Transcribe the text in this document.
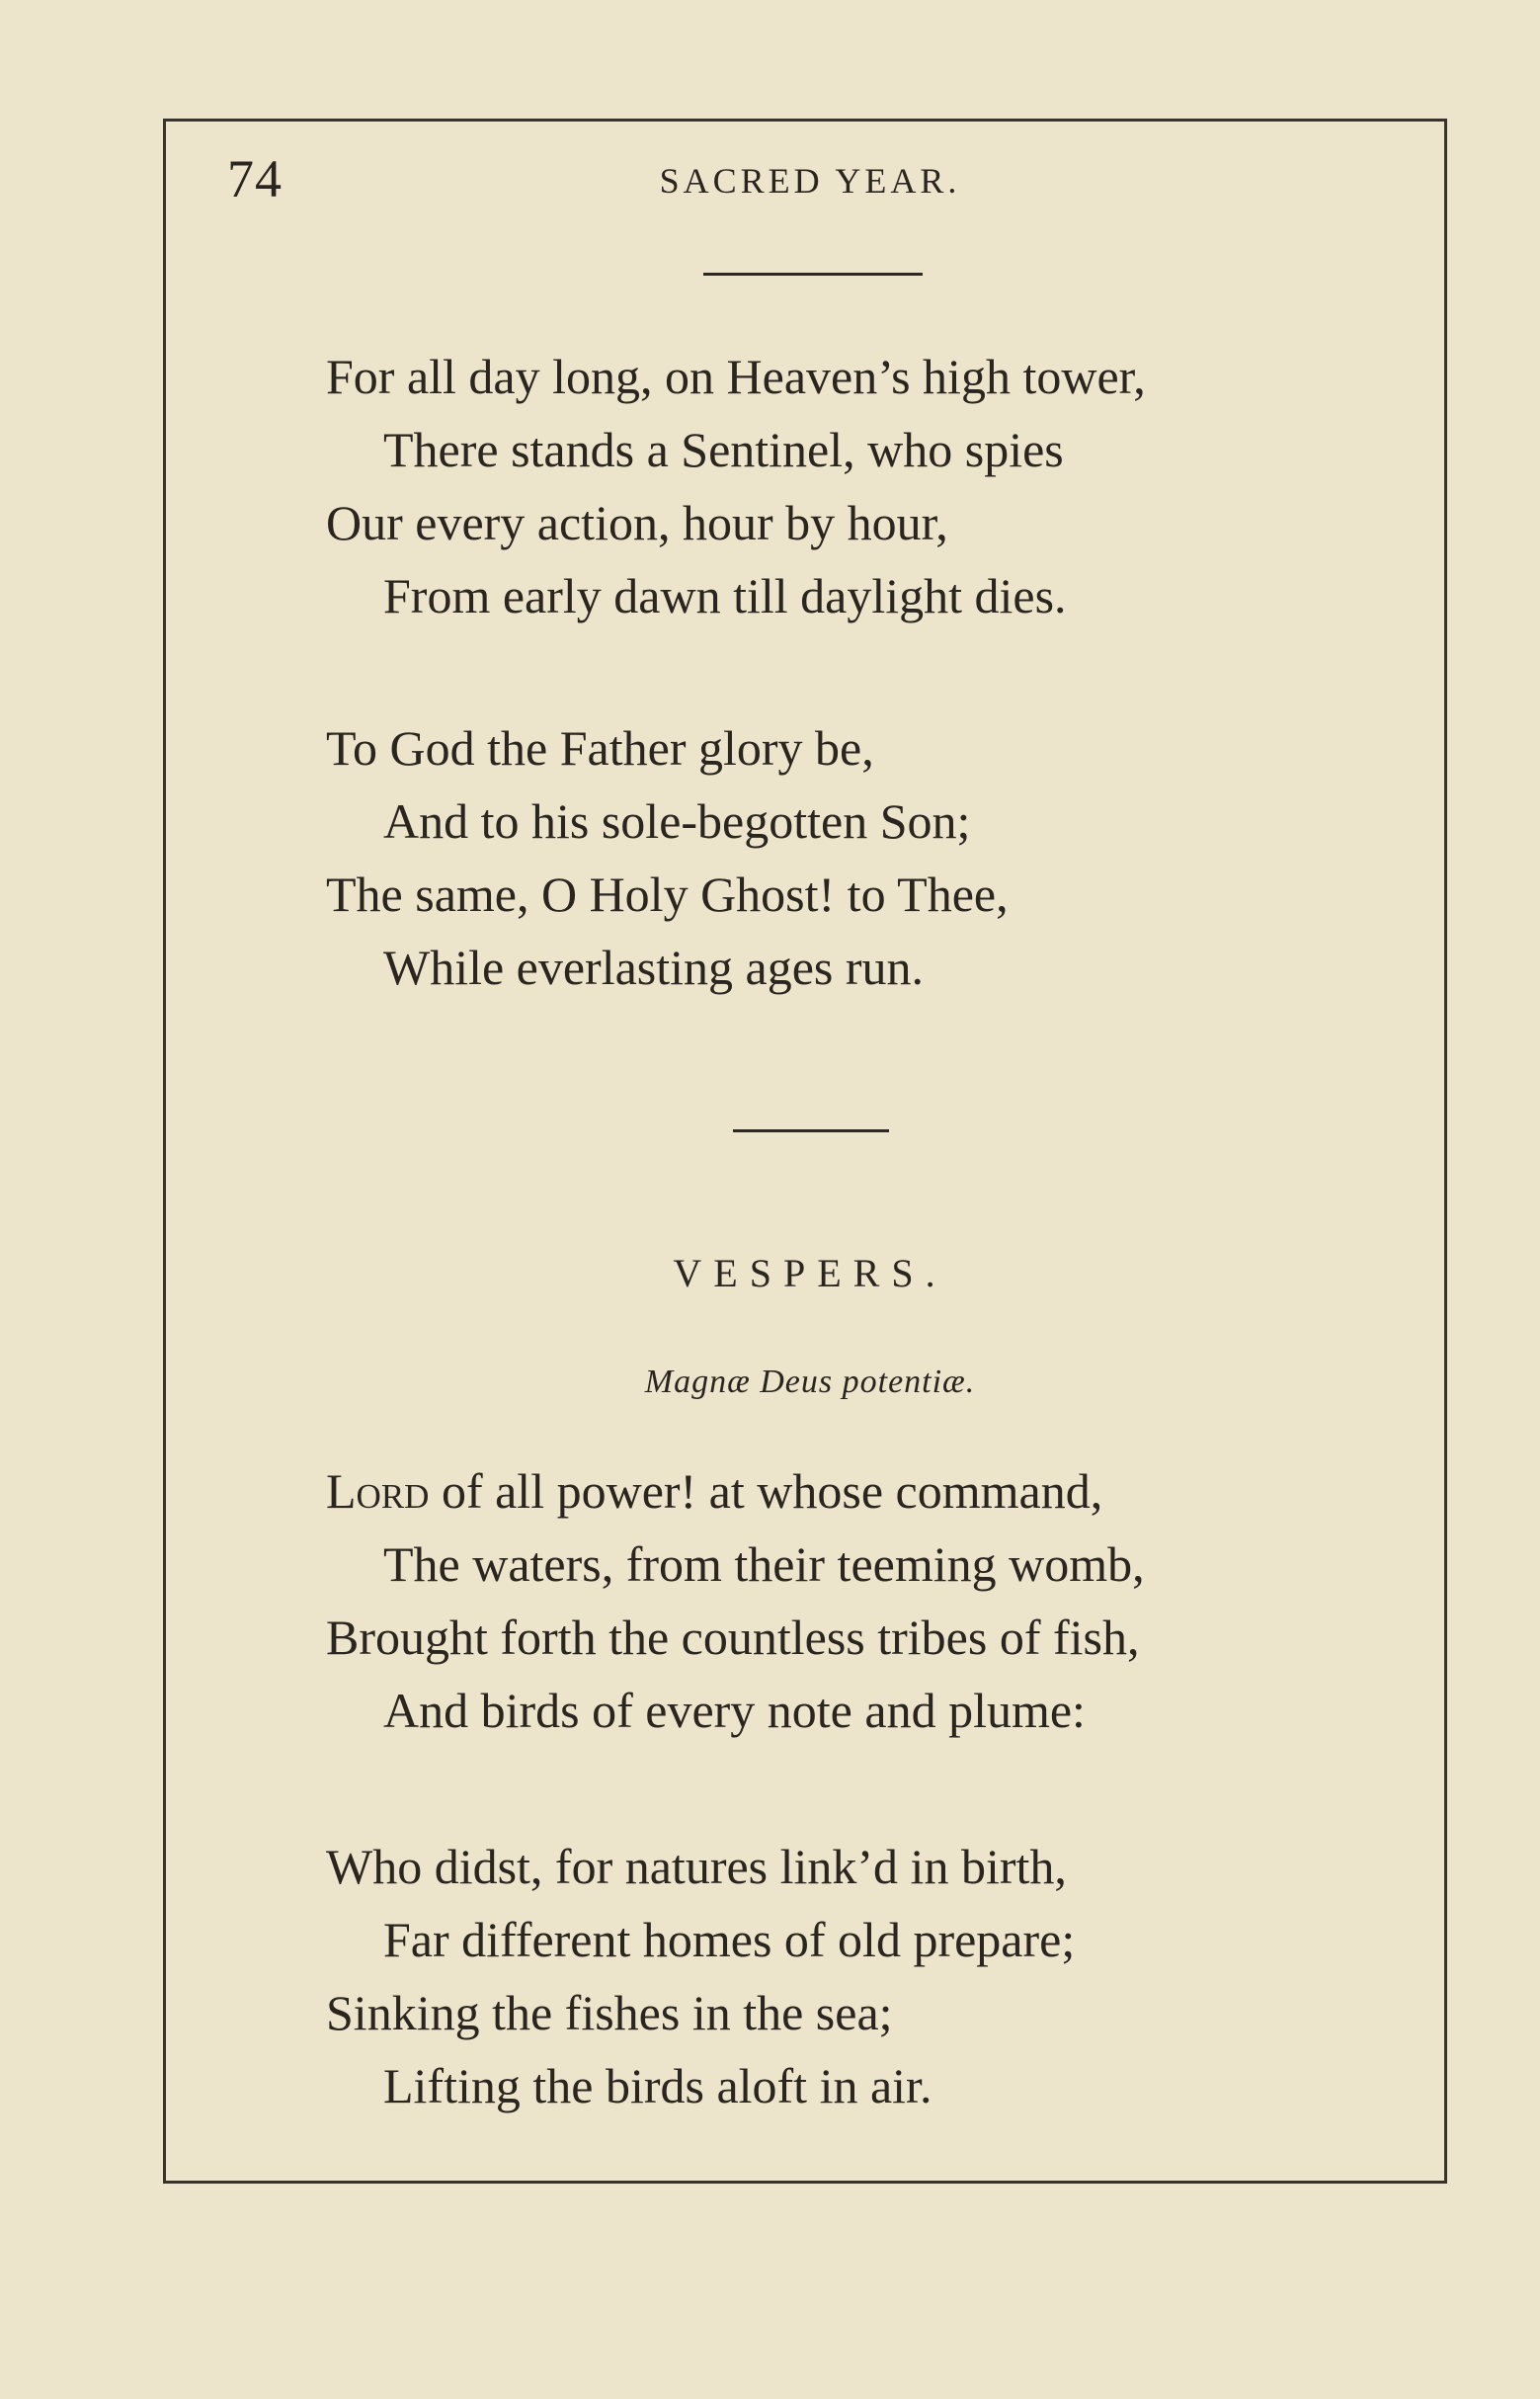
74	SACRED YEAR.
For all day long, on Heaven’s high tower,
There stands a Sentinel, who spies
Our every action, hour by hour,
From early dawn till daylight dies.
To God the Father glory be,
And to his sole-begotten Son;
The same, O Holy Ghost! to Thee,
While everlasting ages run.
VESPERS.
Magnæ Deus potentiæ.
Lord of all power! at whose command,
The waters, from their teeming womb,
Brought forth the countless tribes of fish,
And birds of every note and plume:
Who didst, for natures link’d in birth,
Far different homes of old prepare;
Sinking the fishes in the sea;
Lifting the birds aloft in air.
